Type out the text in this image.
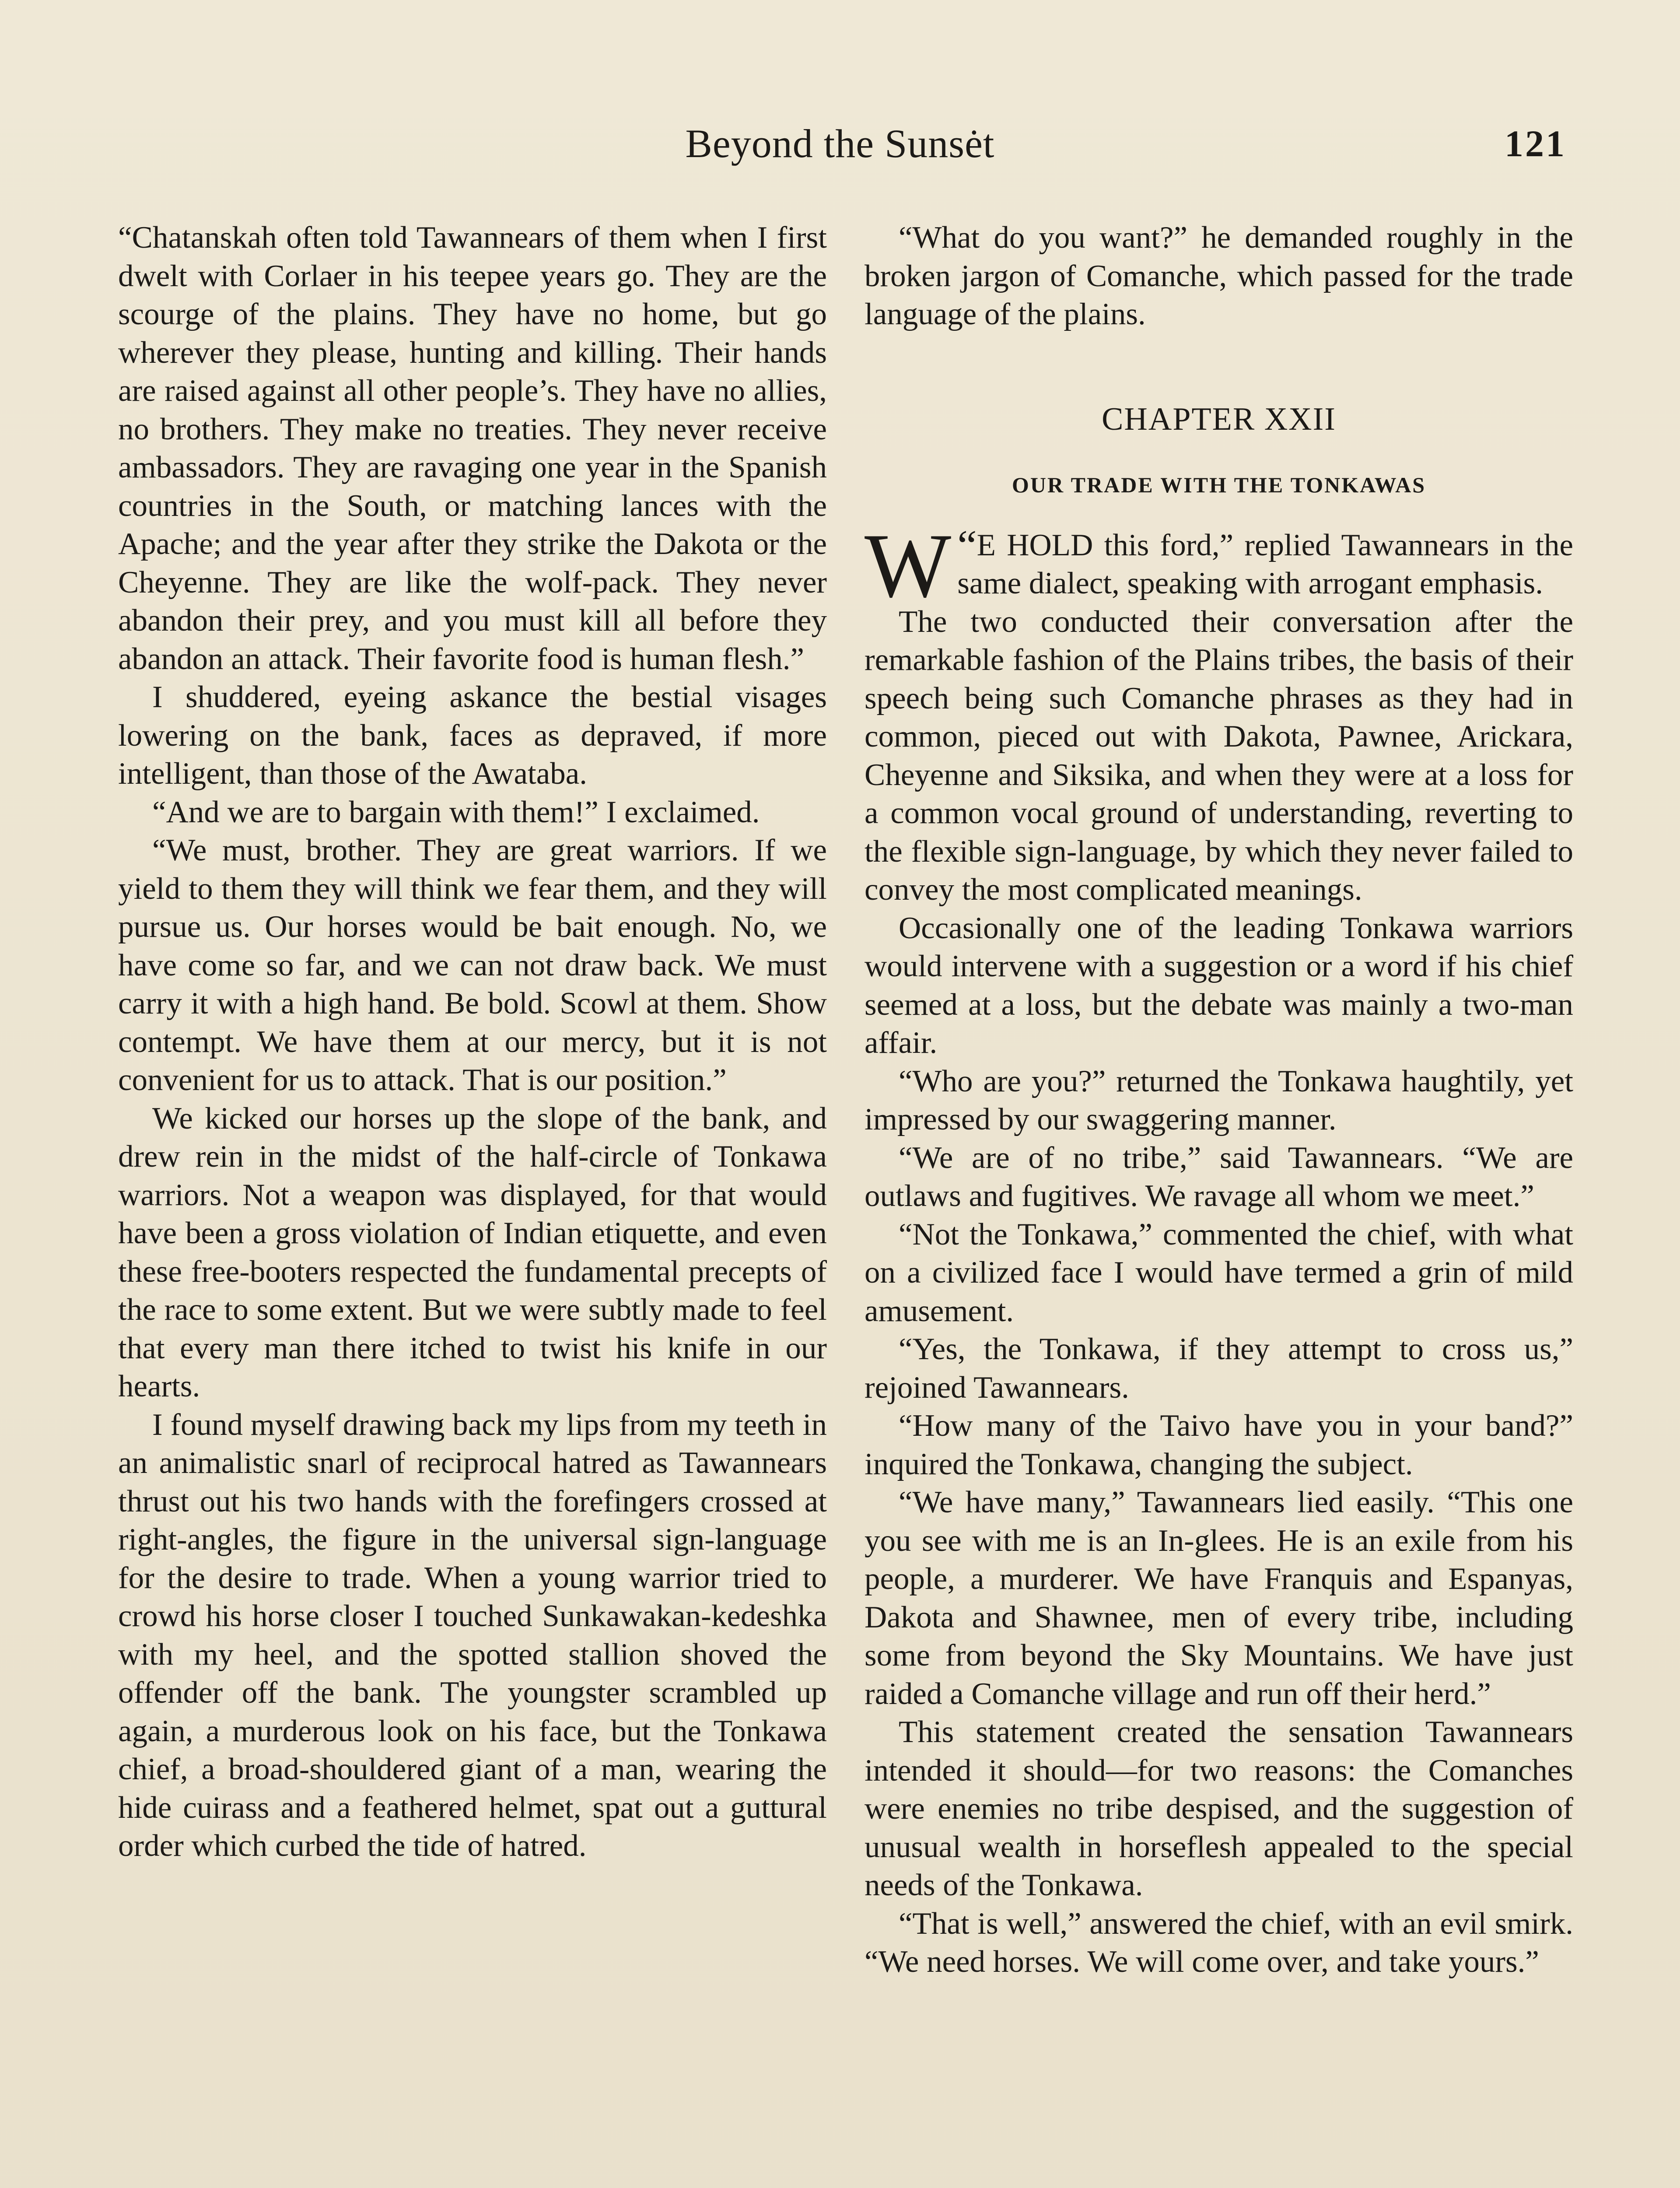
Beyond the Sunsėt	121

“Chatanskah often told Tawannears of them when I first dwelt with Corlaer in his teepee years go. They are the scourge of the plains. They have no home, but go wherever they please, hunting and killing. Their hands are raised against all other people’s. They have no allies, no brothers. They make no treaties. They never receive ambassadors. They are ravaging one year in the Spanish countries in the South, or matching lances with the Apache; and the year after they strike the Dakota or the Cheyenne. They are like the wolf-pack. They never abandon their prey, and you must kill all before they abandon an attack. Their favorite food is human flesh.”

I shuddered, eyeing askance the bestial visages lowering on the bank, faces as depraved, if more intelligent, than those of the Awataba.

“And we are to bargain with them!” I exclaimed.

“We must, brother. They are great warriors. If we yield to them they will think we fear them, and they will pursue us. Our horses would be bait enough. No, we have come so far, and we can not draw back. We must carry it with a high hand. Be bold. Scowl at them. Show contempt. We have them at our mercy, but it is not convenient for us to attack. That is our position.”

We kicked our horses up the slope of the bank, and drew rein in the midst of the half-circle of Tonkawa warriors. Not a weapon was displayed, for that would have been a gross violation of Indian etiquette, and even these free-booters respected the fundamental precepts of the race to some extent. But we were subtly made to feel that every man there itched to twist his knife in our hearts.

I found myself drawing back my lips from my teeth in an animalistic snarl of reciprocal hatred as Tawannears thrust out his two hands with the forefingers crossed at right-angles, the figure in the universal sign-language for the desire to trade. When a young warrior tried to crowd his horse closer I touched Sunkawakan-kedeshka with my heel, and the spotted stallion shoved the offender off the bank. The youngster scrambled up again, a murderous look on his face, but the Tonkawa chief, a broad-shouldered giant of a man, wearing the hide cuirass and a feathered helmet, spat out a guttural order which curbed the tide of hatred.

“What do you want?” he demanded roughly in the broken jargon of Comanche, which passed for the trade language of the plains.

CHAPTER XXII
OUR TRADE WITH THE TONKAWAS

“
W E HOLD this ford,” replied Tawannears in the same dialect, speaking with arrogant emphasis.

The two conducted their conversation after the remarkable fashion of the Plains tribes, the basis of their speech being such Comanche phrases as they had in common, pieced out with Dakota, Pawnee, Arickara, Cheyenne and Siksika, and when they were at a loss for a common vocal ground of understanding, reverting to the flexible sign-language, by which they never failed to convey the most complicated meanings.

Occasionally one of the leading Tonkawa warriors would intervene with a suggestion or a word if his chief seemed at a loss, but the debate was mainly a two-man affair.

“Who are you?” returned the Tonkawa haughtily, yet impressed by our swaggering manner.

“We are of no tribe,” said Tawannears. “We are outlaws and fugitives. We ravage all whom we meet.”

“Not the Tonkawa,” commented the chief, with what on a civilized face I would have termed a grin of mild amusement.

“Yes, the Tonkawa, if they attempt to cross us,” rejoined Tawannears.

“How many of the Taivo have you in your band?” inquired the Tonkawa, changing the subject.

“We have many,” Tawannears lied easily. “This one you see with me is an In-glees. He is an exile from his people, a murderer. We have Franquis and Espanyas, Dakota and Shawnee, men of every tribe, including some from beyond the Sky Mountains. We have just raided a Comanche village and run off their herd.”

This statement created the sensation Tawannears intended it should—for two reasons: the Comanches were enemies no tribe despised, and the suggestion of unusual wealth in horseflesh appealed to the special needs of the Tonkawa.

“That is well,” answered the chief, with an evil smirk. “We need horses. We will come over, and take yours.”
